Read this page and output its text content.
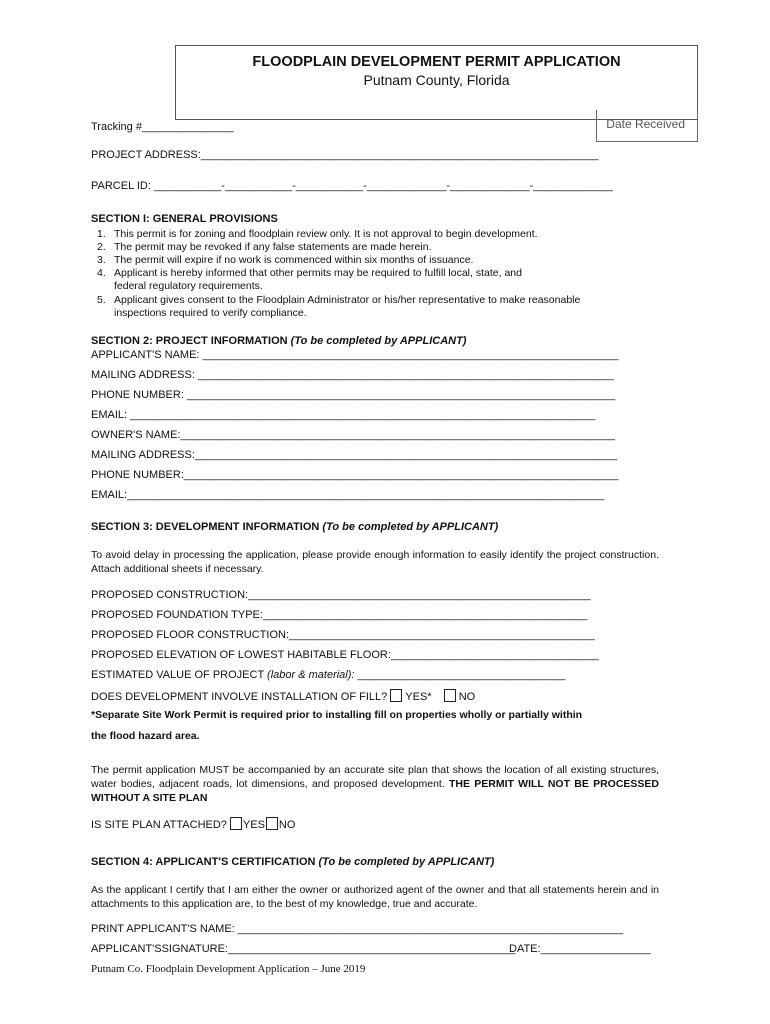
FLOODPLAIN DEVELOPMENT PERMIT APPLICATION
Putnam County, Florida
Date Received
Tracking #_______________
PROJECT ADDRESS:_________________________________________________________________
PARCEL ID: ___________-___________-___________-_____________-_____________-_____________
SECTION I: GENERAL PROVISIONS
1. This permit is for zoning and floodplain review only. It is not approval to begin development.
2. The permit may be revoked if any false statements are made herein.
3. The permit will expire if no work is commenced within six months of issuance.
4. Applicant is hereby informed that other permits may be required to fulfill local, state, and
federal regulatory requirements.
5. Applicant gives consent to the Floodplain Administrator or his/her representative to make reasonable
inspections required to verify compliance.
SECTION 2: PROJECT INFORMATION (To be completed by APPLICANT)
APPLICANT'S NAME: ____________________________________________________________________
MAILING ADDRESS: ____________________________________________________________________
PHONE NUMBER: ______________________________________________________________________
EMAIL: ____________________________________________________________________________
OWNER'S NAME:_______________________________________________________________________
MAILING ADDRESS:_____________________________________________________________________
PHONE NUMBER:_______________________________________________________________________
EMAIL:______________________________________________________________________________
SECTION 3: DEVELOPMENT INFORMATION (To be completed by APPLICANT)
To avoid delay in processing the application, please provide enough information to easily identify the project construction. Attach additional sheets if necessary.
PROPOSED CONSTRUCTION:________________________________________________________
PROPOSED FOUNDATION TYPE:_____________________________________________________
PROPOSED FLOOR CONSTRUCTION:__________________________________________________
PROPOSED ELEVATION OF LOWEST HABITABLE FLOOR:__________________________________
ESTIMATED VALUE OF PROJECT (labor & material): __________________________________
DOES DEVELOPMENT INVOLVE INSTALLATION OF FILL? YES* NO
*Separate Site Work Permit is required prior to installing fill on properties wholly or partially within
the flood hazard area.
The permit application MUST be accompanied by an accurate site plan that shows the location of all existing structures, water bodies, adjacent roads, lot dimensions, and proposed development. THE PERMIT WILL NOT BE PROCESSED WITHOUT A SITE PLAN
IS SITE PLAN ATTACHED? YES NO
SECTION 4: APPLICANT'S CERTIFICATION (To be completed by APPLICANT)
As the applicant I certify that I am either the owner or authorized agent of the owner and that all statements herein and in attachments to this application are, to the best of my knowledge, true and accurate.
PRINT APPLICANT'S NAME: _______________________________________________________________
APPLICANT'SSIGNATURE:_______________________________________________
DATE:__________________
Putnam Co. Floodplain Development Application – June 2019
